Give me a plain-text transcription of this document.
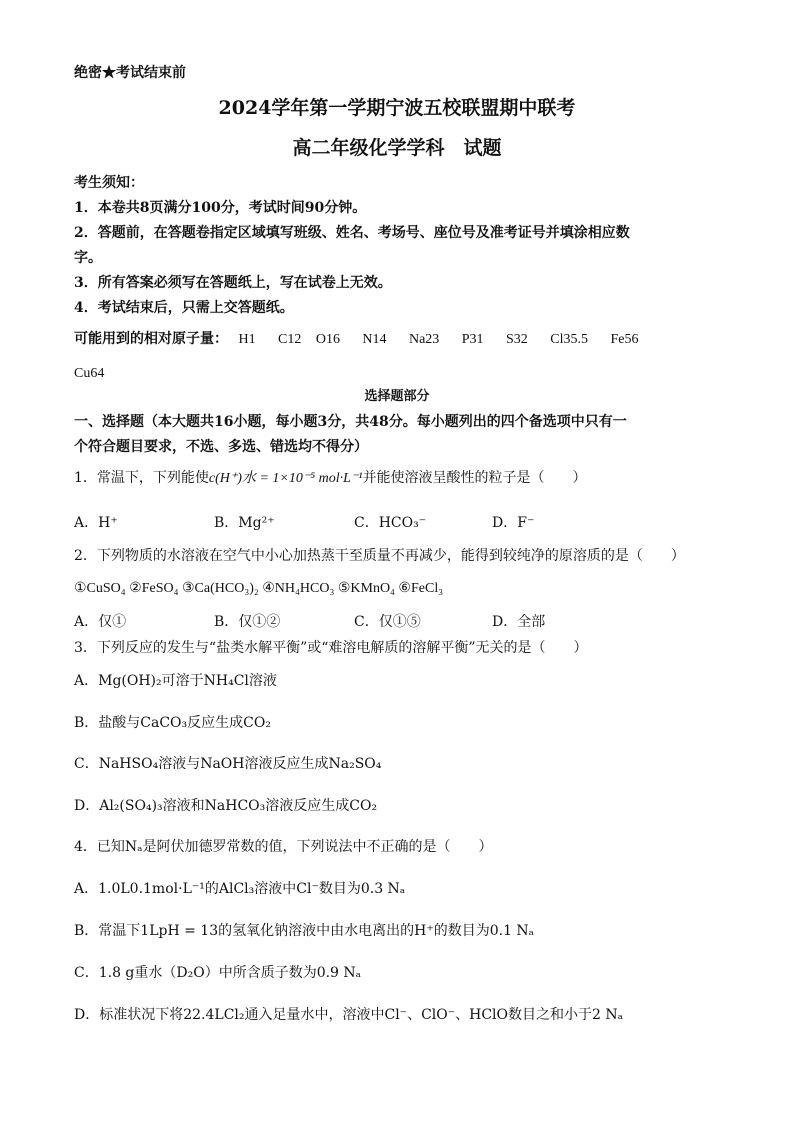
绝密★考试结束前
2024学年第一学期宁波五校联盟期中联考
高二年级化学学科　试题
考生须知：
1．本卷共8页满分100分，考试时间90分钟。
2．答题前，在答题卷指定区域填写班级、姓名、考场号、座位号及准考证号并填涂相应数
字。
3．所有答案必须写在答题纸上，写在试卷上无效。
4．考试结束后，只需上交答题纸。
可能用到的相对原子量： H1 C12 O16 N14 Na23 P31 S32 Cl35.5 Fe56
Cu64
选择题部分
一、选择题（本大题共16小题，每小题3分，共48分。每小题列出的四个备选项中只有一
个符合题目要求，不选、多选、错选均不得分）
1．常温下，下列能使c(H⁺)水 = 1×10⁻⁵ mol·L⁻¹并能使溶液呈酸性的粒子是（　　）
A．H⁺	B．Mg²⁺	C．HCO₃⁻	D．F⁻
2．下列物质的水溶液在空气中小心加热蒸干至质量不再减少，能得到较纯净的原溶质的是（　　）
①CuSO₄ ②FeSO₄ ③Ca(HCO₃)₂ ④NH₄HCO₃ ⑤KMnO₄ ⑥FeCl₃
A．仅①	B．仅①②	C．仅①⑤	D．全部
3．下列反应的发生与“盐类水解平衡”或“难溶电解质的溶解平衡”无关的是（　　）
A．Mg(OH)₂可溶于NH₄Cl溶液
B．盐酸与CaCO₃反应生成CO₂
C．NaHSO₄溶液与NaOH溶液反应生成Na₂SO₄
D．Al₂(SO₄)₃溶液和NaHCO₃溶液反应生成CO₂
4．已知Nₐ是阿伏加德罗常数的值，下列说法中不正确的是（　　）
A．1.0L0.1mol·L⁻¹的AlCl₃溶液中Cl⁻数目为0.3 Nₐ
B．常温下1LpH = 13的氢氧化钠溶液中由水电离出的H⁺的数目为0.1 Nₐ
C．1.8 g重水（D₂O）中所含质子数为0.9 Nₐ
D．标准状况下将22.4LCl₂通入足量水中，溶液中Cl⁻、ClO⁻、HClO数目之和小于2 Nₐ
